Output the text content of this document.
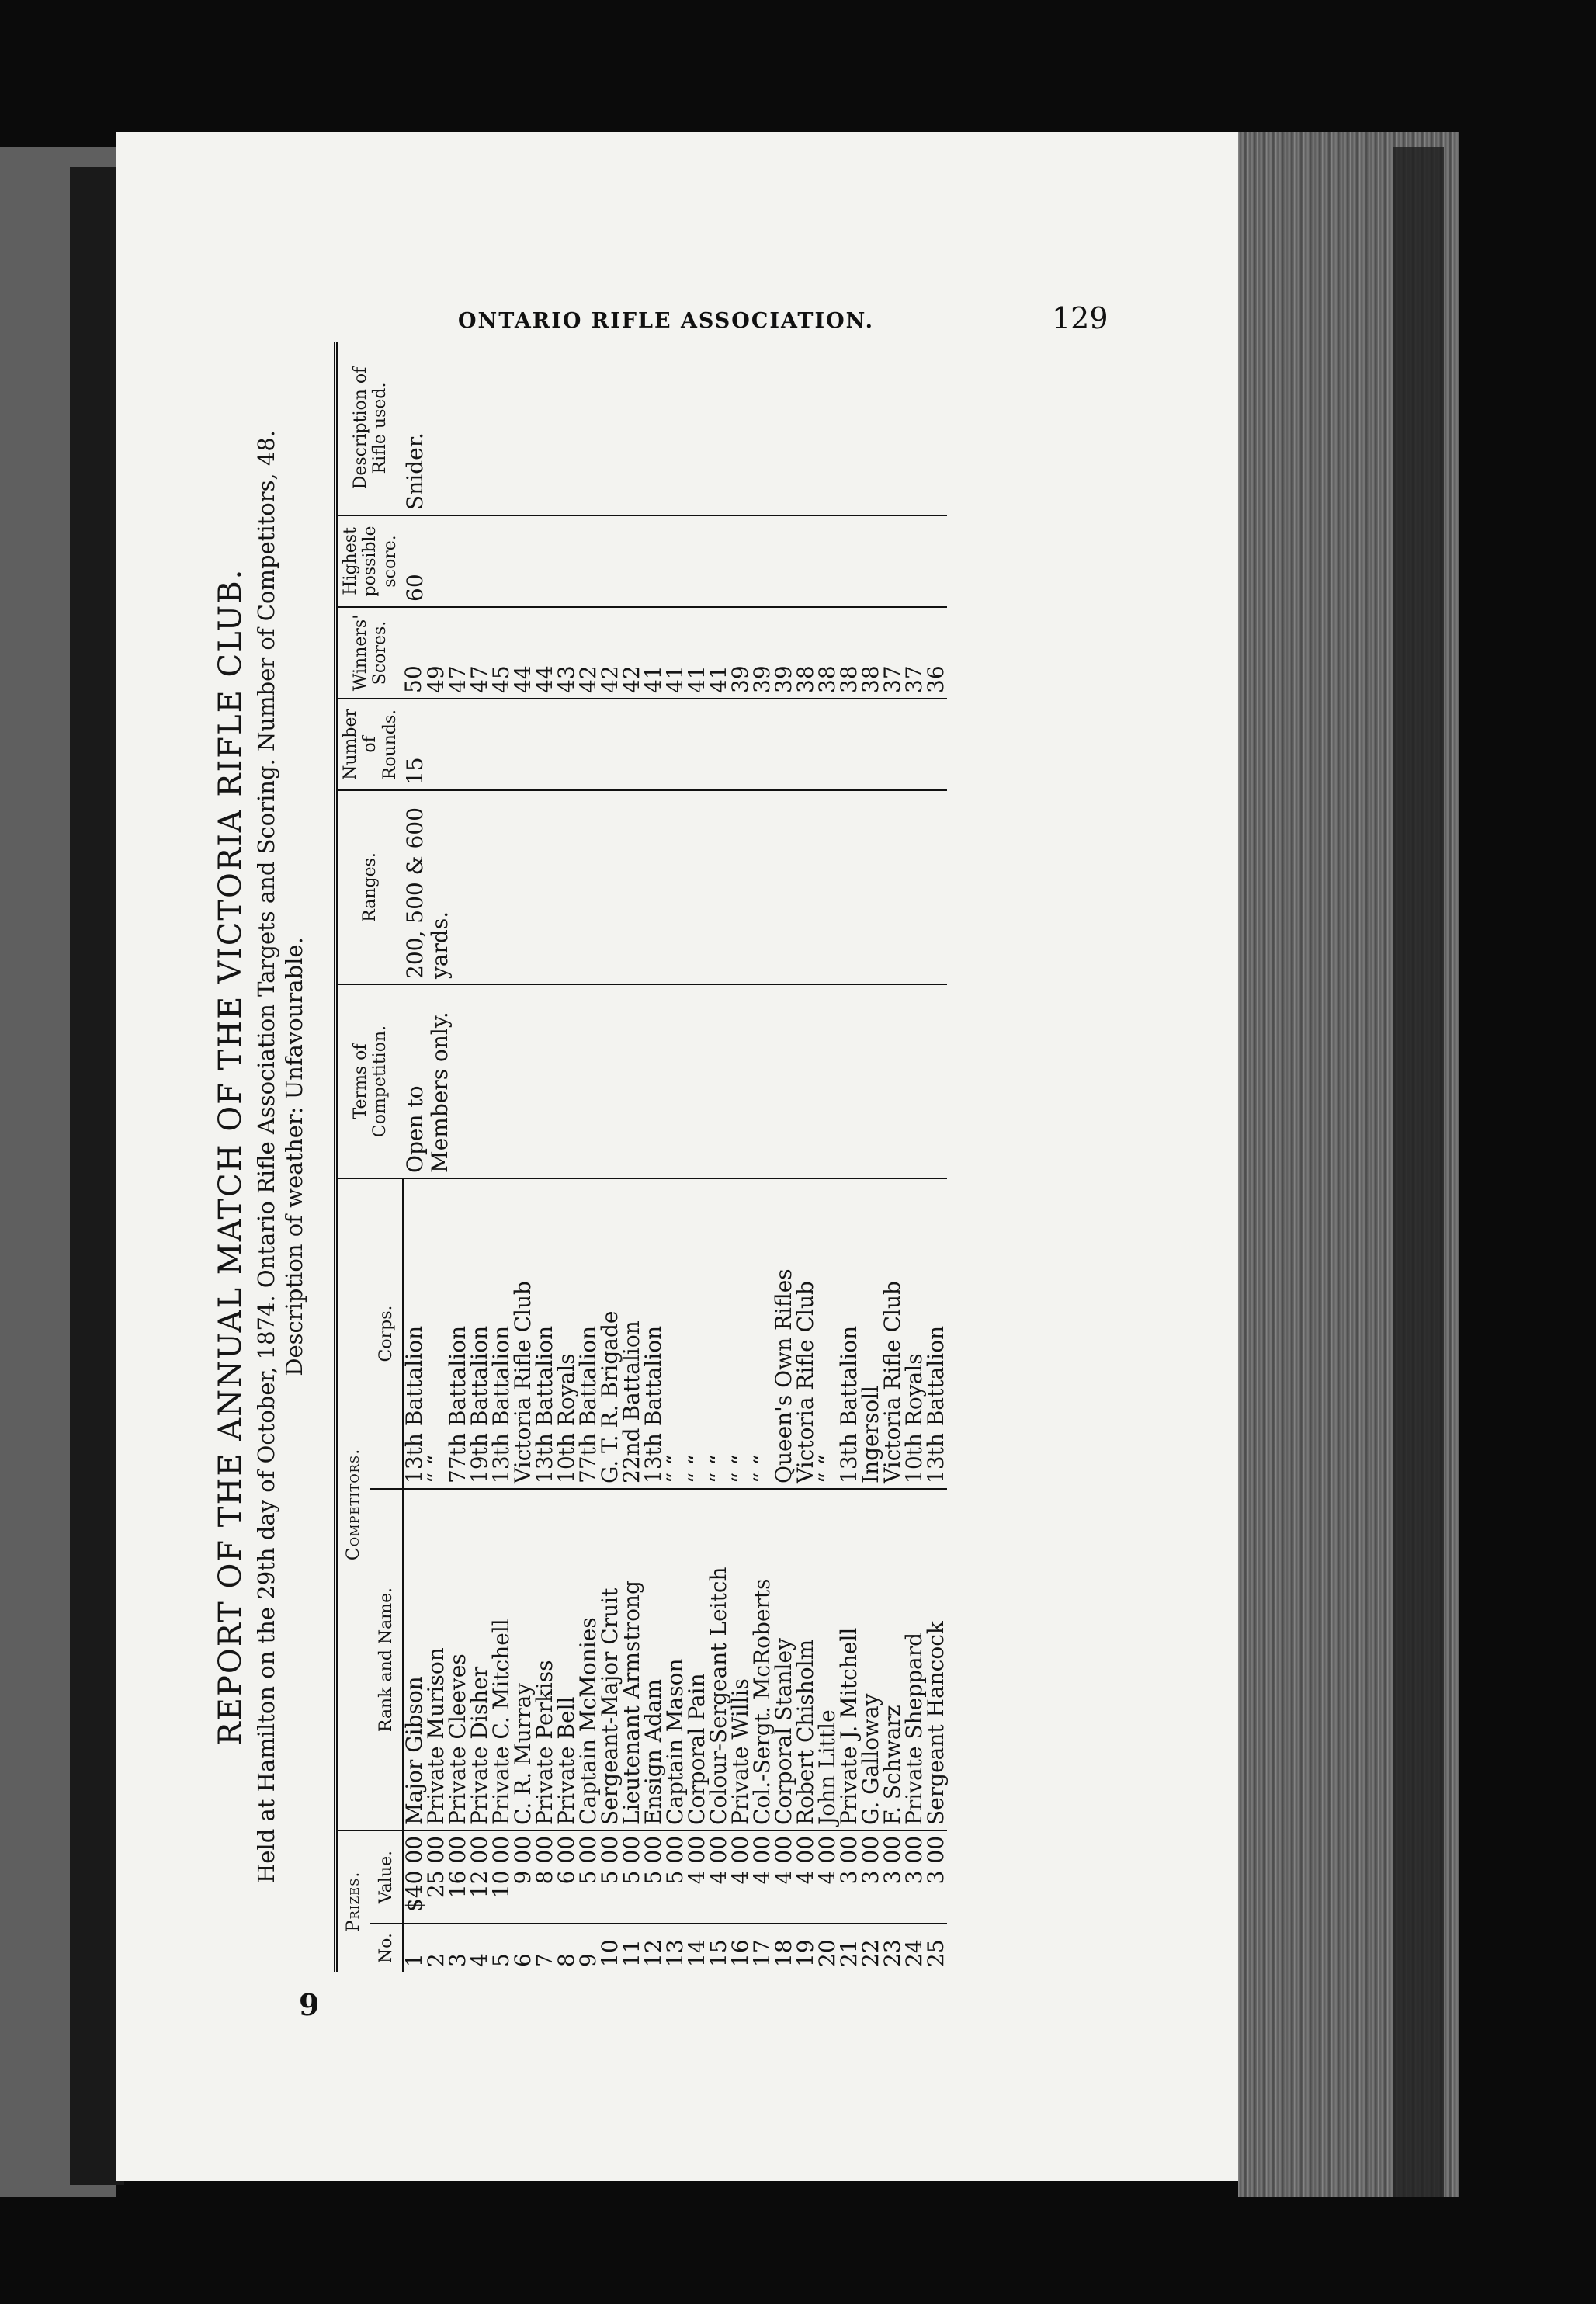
ONTARIO RIFLE ASSOCIATION.	129
9
REPORT OF THE ANNUAL MATCH OF THE VICTORIA RIFLE CLUB. Held at Hamilton on the 29th day of October, 1874. Ontario Rifle Association Targets and Scoring. Number of Competitors, 48. Description of weather: Unfavourable.

Prizes.		Competitors.		Terms of Competition.	Ranges.	Number of Rounds.	Winners' Scores.	Highest possible score.	Description of Rifle used.
No.	Value.	Rank and Name.	Corps.						
1	$40 00	Major Gibson	13th Battalion	Open to Members only.	200, 500 & 600 yards.	15	50	60	Snider.
2	25 00	Private Murison	“ “				49		
3	16 00	Private Cleeves	77th Battalion				47		
4	12 00	Private Disher	19th Battalion				47		
5	10 00	Private C. Mitchell	13th Battalion				45		
6	9 00	C. R. Murray	Victoria Rifle Club				44		
7	8 00	Private Perkiss	13th Battalion				44		
8	6 00	Private Bell	10th Royals				43		
9	5 00	Captain McMonies	77th Battalion				42		
10	5 00	Sergeant-Major Cruit	G. T. R. Brigade				42		
11	5 00	Lieutenant Armstrong	22nd Battalion				42		
12	5 00	Ensign Adam	13th Battalion				41		
13	5 00	Captain Mason	“ “				41		
14	4 00	Corporal Pain	“ “				41		
15	4 00	Colour-Sergeant Leitch	“ “				41		
16	4 00	Private Willis	“ “				39		
17	4 00	Col.-Sergt. McRoberts	“ “				39		
18	4 00	Corporal Stanley	Queen's Own Rifles				39		
19	4 00	Robert Chisholm	Victoria Rifle Club				38		
20	4 00	John Little	“ “				38		
21	3 00	Private J. Mitchell	13th Battalion				38		
22	3 00	G. Galloway	Ingersoll				38		
23	3 00	F. Schwarz	Victoria Rifle Club				37		
24	3 00	Private Sheppard	10th Royals				37		
25	3 00	Sergeant Hancock	13th Battalion				36		
